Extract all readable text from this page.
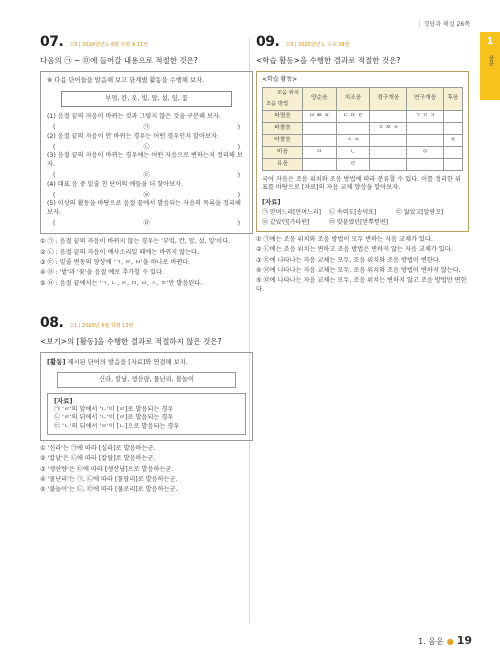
| 정답과 해설 26쪽
1
음운
07. 고3 | 2014학년도 6월 모평 A 11번
다음의 ㉠ ~ ㉤에 들어갈 내용으로 적절한 것은?
※ 다음 단어들을 발음해 보고 단계별 활동을 수행해 보자.
부엌, 칸, 옷, 빛, 앞, 섰, 잎, 꽃
(1) 음절 끝의 자음이 바뀌는 것과 그렇지 않은 것을 구분해 보자.
(	㉠	)
(2) 음절 끝의 자음이 안 바뀌는 경우는 어떤 경우인지 알아보자.
(	㉡	)
(3) 음절 끝의 자음이 바뀌는 경우에는 어떤 자음으로 변하는지 정리해 보자.
(	㉢	)
(4) 대표 음 중 밑줄 친 단어의 예들을 더 찾아보자.
(	㉣	)
(5) 이상의 활동을 바탕으로 음절 끝에서 발음되는 자음의 목록을 정리해 보자.
(	㉤	)
① ㉠ : 음절 끝의 자음이 바뀌지 않는 경우는 '부엌, 칸, 앞, 섰, 잎'이다.
② ㉡ : 음절 끝의 자음이 예사소리일 때에는 바뀌지 않는다.
③ ㉢ : 밑줄 변동의 양상에 'ㄱ, ㄹ, ㅂ'을 하나로 바뀐다.
④ ㉣ : '밭'과 '꽃'을 음절 예로 추가할 수 있다.
⑤ ㉤ : 음절 끝에서는 'ㄱ, ㄴ, ㄹ, ㅁ, ㅂ, ㅅ, ㅇ'만 발음된다.
08. 고1 | 2020년 6월 학평 13번
<보기>의 [활동]을 수행한 결과로 적절하지 않은 것은?
[활동] 제시된 단어의 발음을 [자료]와 연결해 보자.
신라, 칼날, 생산량, 물난리, 불놀이
[자료]
㉠ 'ㄹ'의 앞에서 'ㄴ'이 [ㄹ]로 발음되는 경우
㉡ 'ㄹ'의 뒤에서 'ㄴ'이 [ㄹ]로 발음되는 경우
㉢ 'ㄴ'의 뒤에서 'ㄹ'이 [ㄴ]으로 발음되는 경우
① '신라'는 ㉠에 따라 [실라]로 발음하는군.
② '칼날'은 ㉡에 따라 [칼랄]로 발음하는군.
③ '생산량'은 ㉢에 따라 [생산냥]으로 발음하는군.
④ '물난리'는 ㉠, ㉡에 따라 [물랄리]로 발음하는군.
⑤ '불놀이'는 ㉡, ㉢에 따라 [불로리]로 발음하는군.
09. 고3 | 2025학년도 수능 38번
<학습 활동>을 수행한 결과로 적절한 것은?
<학습 활동>
조음 위치
조음 방법	양순음	치조음	경구개음	연구개음	후음
파열음	ㅂ ㅃ ㅍ	ㄷ ㄸ ㅌ		ㄱ ㄲ ㅋ	
파찰음			ㅈ ㅉ ㅊ		
마찰음		ㅅ ㅆ			ㅎ
비음	ㅁ	ㄴ		ㅇ	
유음		ㄹ			
국어 자음은 조음 위치와 조음 방법에 따라 분류할 수 있다. 이를 정리한 위 표를 바탕으로 [자료]의 자음 교체 양상을 알아보자.
[자료]
㉠ 맏며느리[만며느리]	㉡ 속력도[송녁또]	㉢ 앓았고[알랃꼬]
㉣ 같았던[가타떤]	㉤ 맞붙였던[맏뿌텯떤]
① ㉠에는 조음 위치와 조음 방법이 모두 변하는 자음 교체가 있다.
② ㉡에는 조음 위치는 변하고 조음 방법은 변하지 않는 자음 교체가 있다.
③ ㉢에 나타나는 자음 교체는 모두, 조음 위치와 조음 방법이 변한다.
④ ㉣에 나타나는 자음 교체는 모두, 조음 위치와 조음 방법이 변하지 않는다.
⑤ ㉤에 나타나는 자음 교체는 모두, 조음 위치는 변하지 않고 조음 방법만 변한다.
1. 음운 ● 19
